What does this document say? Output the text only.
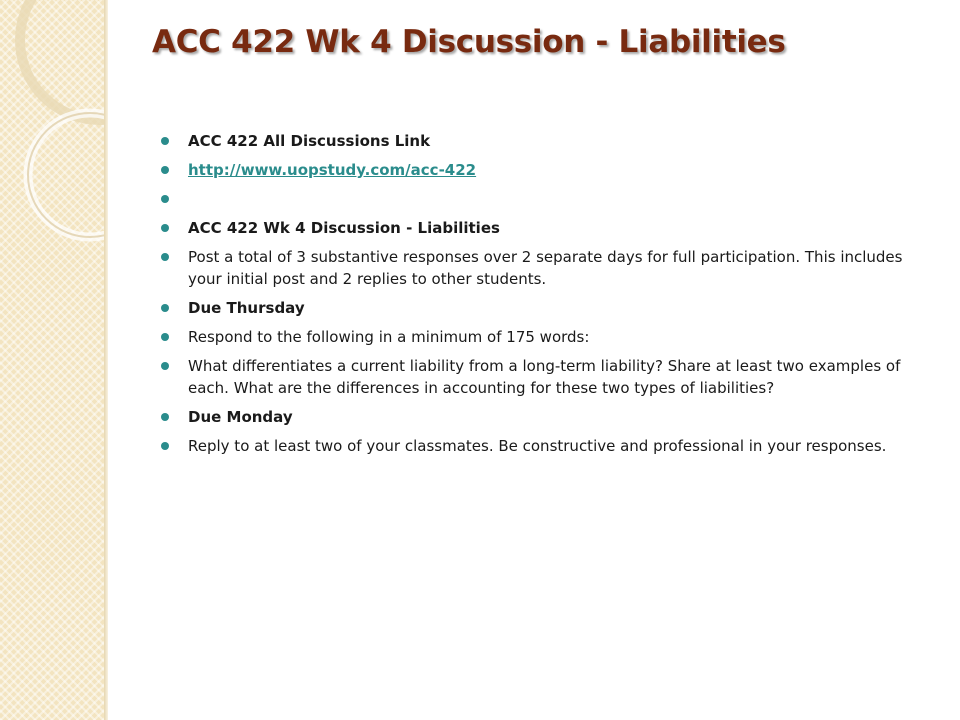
ACC 422 Wk 4 Discussion - Liabilities
ACC 422 All Discussions Link
http://www.uopstudy.com/acc-422
ACC 422 Wk 4 Discussion - Liabilities
Post a total of 3 substantive responses over 2 separate days for full participation. This includes your initial post and 2 replies to other students.
Due Thursday
Respond to the following in a minimum of 175 words:
What differentiates a current liability from a long-term liability? Share at least two examples of each. What are the differences in accounting for these two types of liabilities?
Due Monday
Reply to at least two of your classmates. Be constructive and professional in your responses.
